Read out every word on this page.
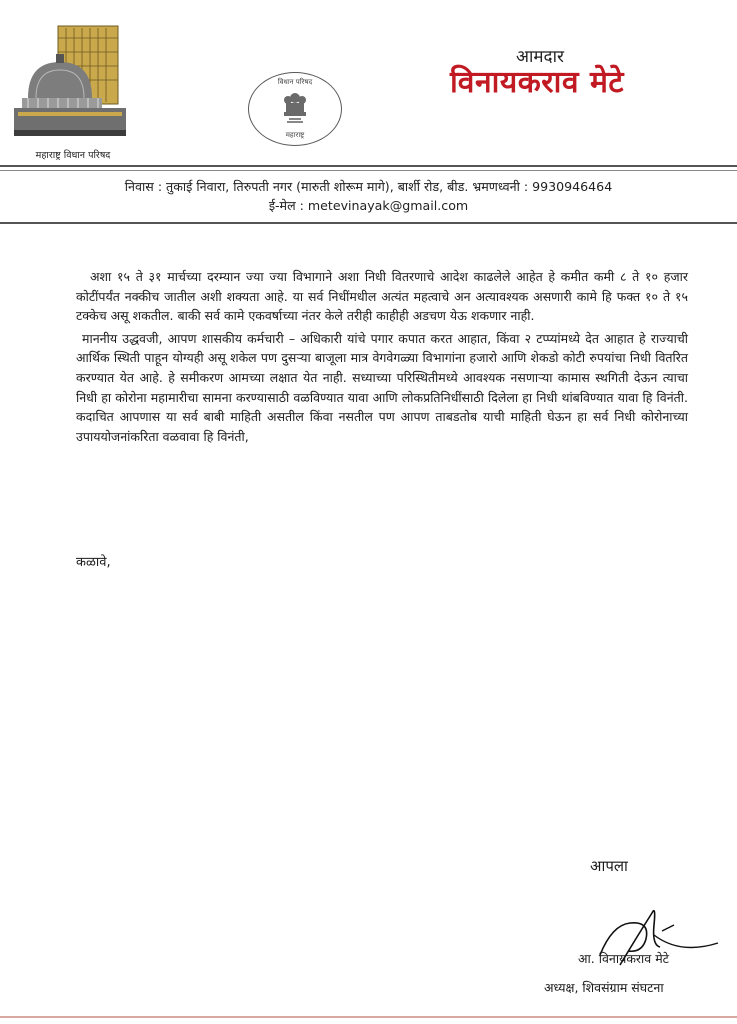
महाराष्ट्र विधान परिषद
विधान परिषद
महाराष्ट्र
आमदार
विनायकराव मेटे
निवास : तुकाई निवारा, तिरुपती नगर (मारुती शोरूम मागे), बार्शी रोड, बीड. भ्रमणध्वनी : 9930946464
ई-मेल : metevinayak@gmail.com

अशा १५ ते ३१ मार्चच्या दरम्यान ज्या ज्या विभागाने अशा निधी वितरणाचे आदेश काढलेले आहेत हे कमीत कमी ८ ते १० हजार कोटींपर्यंत नक्कीच जातील अशी शक्यता आहे. या सर्व निधींमधील अत्यंत महत्वाचे अन अत्यावश्यक असणारी कामे हि फक्त १० ते १५ टक्केच असू शकतील. बाकी सर्व कामे एकवर्षाच्या नंतर केले तरीही काहीही अडचण येऊ शकणार नाही.

माननीय उद्धवजी, आपण शासकीय कर्मचारी – अधिकारी यांचे पगार कपात करत आहात, किंवा २ टप्प्यांमध्ये देत आहात हे राज्याची आर्थिक स्थिती पाहून योग्यही असू शकेल पण दुसऱ्या बाजूला मात्र वेगवेगळ्या विभागांना हजारो आणि शेकडो कोटी रुपयांचा निधी वितरित करण्यात येत आहे. हे समीकरण आमच्या लक्षात येत नाही. सध्याच्या परिस्थितीमध्ये आवश्यक नसणाऱ्या कामास स्थगिती देऊन त्याचा निधी हा कोरोना महामारीचा सामना करण्यासाठी वळविण्यात यावा आणि लोकप्रतिनिधींसाठी दिलेला हा निधी थांबविण्यात यावा हि विनंती. कदाचित आपणास या सर्व बाबी माहिती असतील किंवा नसतील पण आपण ताबडतोब याची माहिती घेऊन हा सर्व निधी कोरोनाच्या उपाययोजनांकरिता वळवावा हि विनंती,

कळावे,
आपला
आ. विनायकराव मेटे
अध्यक्ष, शिवसंग्राम संघटना
